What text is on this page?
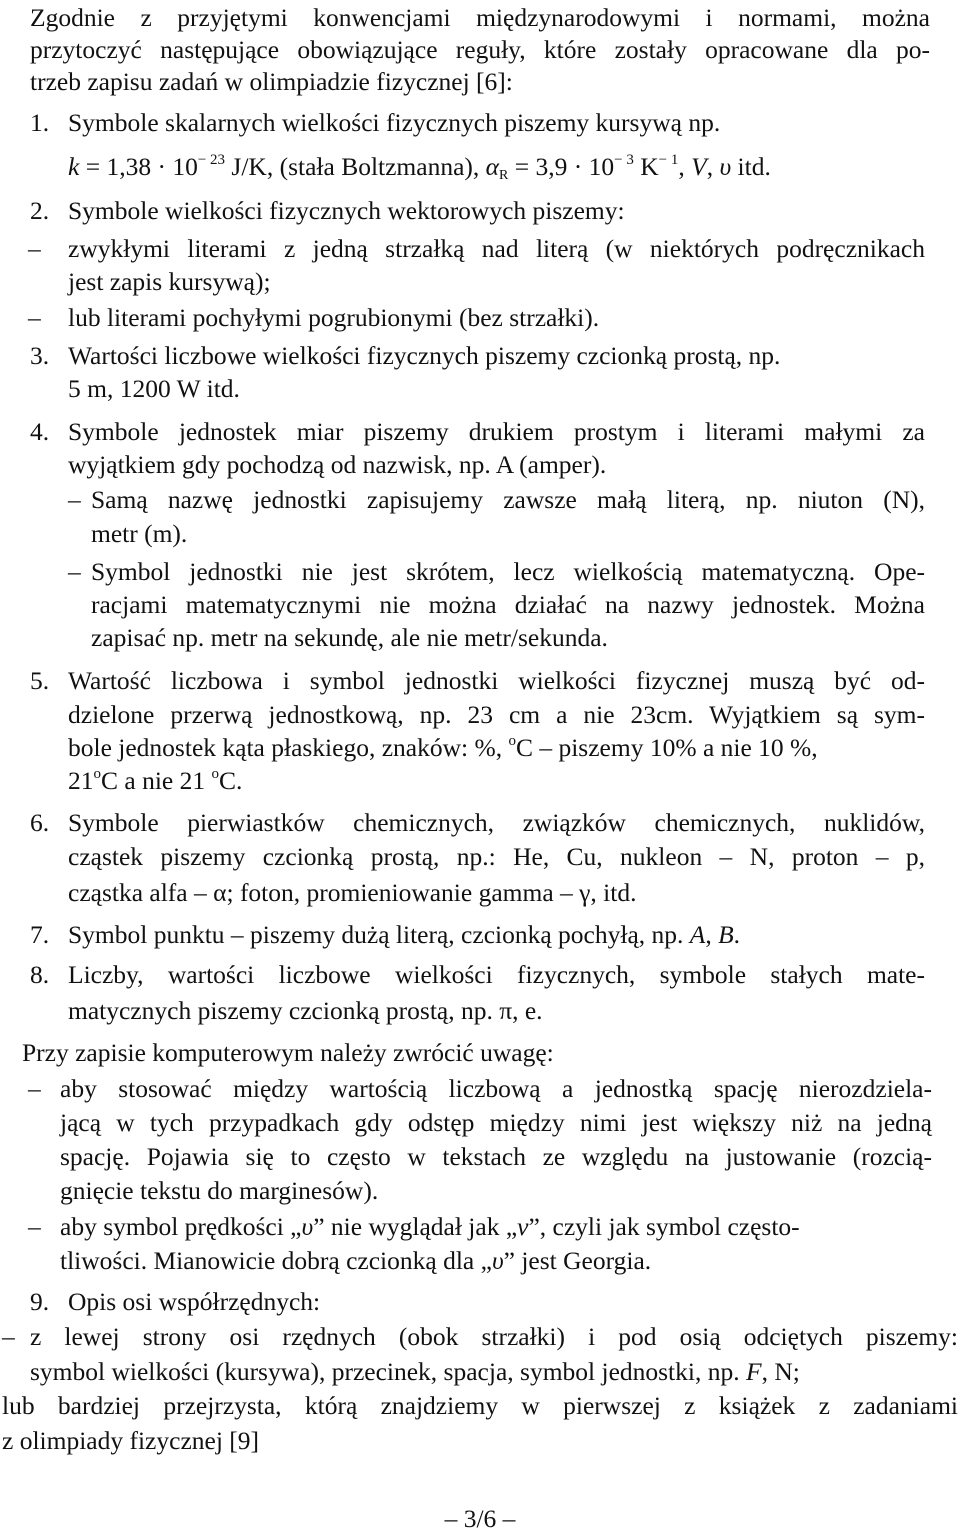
Zgodnie z przyjętymi konwencjami międzynarodowymi i normami, można
przytoczyć następujące obowiązujące reguły, które zostały opracowane dla po-
trzeb zapisu zadań w olimpiadzie fizycznej [6]:
1. Symbole skalarnych wielkości fizycznych piszemy kursywą np.
$k = 1,38 \cdot 10^{- 23}$ J/K, (stała Boltzmanna), $\alpha_R = 3,9 \cdot 10^{- 3}$ $K^{- 1}$, V, υ itd.
2. Symbole wielkości fizycznych wektorowych piszemy:
– zwykłymi literami z jedną strzałką nad literą (w niektórych podręcznikach
jest zapis kursywą);
– lub literami pochyłymi pogrubionymi (bez strzałki).
3. Wartości liczbowe wielkości fizycznych piszemy czcionką prostą, np.
5 m, 1200 W itd.
4. Symbole jednostek miar piszemy drukiem prostym i literami małymi za
wyjątkiem gdy pochodzą od nazwisk, np. A (amper).
– Samą nazwę jednostki zapisujemy zawsze małą literą, np. niuton (N),
metr (m).
– Symbol jednostki nie jest skrótem, lecz wielkością matematyczną. Ope-
racjami matematycznymi nie można działać na nazwy jednostek. Można
zapisać np. metr na sekundę, ale nie metr/sekunda.
5. Wartość liczbowa i symbol jednostki wielkości fizycznej muszą być od-
dzielone przerwą jednostkową, np. 23 cm a nie 23cm. Wyjątkiem są sym-
bole jednostek kąta płaskiego, znaków: %, $^o$C – piszemy 10% a nie 10 %,
21$^o$C a nie 21 $^o$C.
6. Symbole pierwiastków chemicznych, związków chemicznych, nuklidów,
cząstek piszemy czcionką prostą, np.: He, Cu, nukleon – N, proton – p,
cząstka alfa – α; foton, promieniowanie gamma – γ, itd.
7. Symbol punktu – piszemy dużą literą, czcionką pochyłą, np. A, B.
8. Liczby, wartości liczbowe wielkości fizycznych, symbole stałych mate-
matycznych piszemy czcionką prostą, np. π, e.
Przy zapisie komputerowym należy zwrócić uwagę:
– aby stosować między wartością liczbową a jednostką spację nierozdziela-
jącą w tych przypadkach gdy odstęp między nimi jest większy niż na jedną
spację. Pojawia się to często w tekstach ze względu na justowanie (rozcią-
gnięcie tekstu do marginesów).
– aby symbol prędkości „υ” nie wyglądał jak „v”, czyli jak symbol często-
tliwości. Mianowicie dobrą czcionką dla „υ” jest Georgia.
9. Opis osi współrzędnych:
– z lewej strony osi rzędnych (obok strzałki) i pod osią odciętych piszemy:
symbol wielkości (kursywa), przecinek, spacja, symbol jednostki, np. F, N;
lub bardziej przejrzysta, którą znajdziemy w pierwszej z książek z zadaniami
z olimpiady fizycznej [9]
– 3/6 –
